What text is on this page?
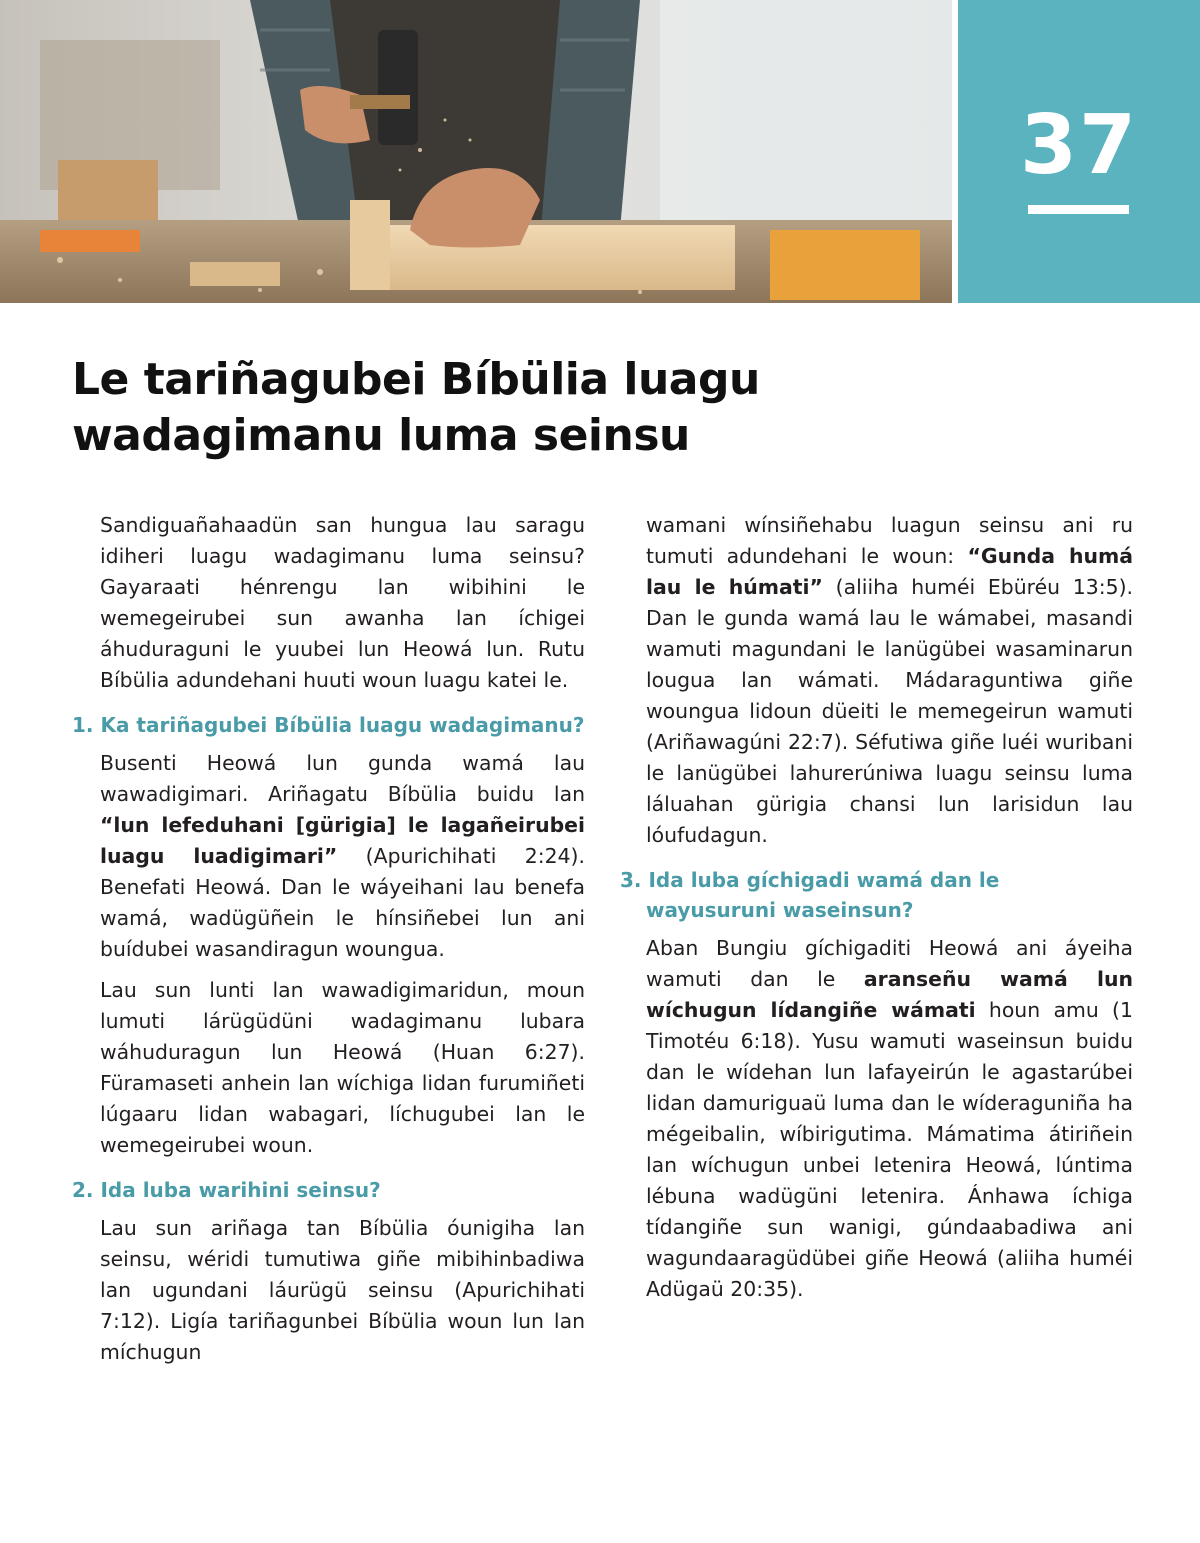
37
Le tariñagubei Bíbülia luagu wadagimanu luma seinsu

Sandiguañahaadün san hungua lau saragu idiheri luagu wadagimanu luma seinsu? Gayaraati hénrengu lan wibihini le wemegeirubei sun awanha lan íchigei áhuduraguni le yuubei lun Heowá lun. Rutu Bíbülia adundehani huuti woun luagu katei le.

1. Ka tariñagubei Bíbülia luagu wadagimanu?

Busenti Heowá lun gunda wamá lau wawadigimari. Ariñagatu Bíbülia buidu lan “lun lefeduhani [gürigia] le lagañeirubei luagu luadigimari” (Apurichihati 2:24). Benefati Heowá. Dan le wáyeihani lau benefa wamá, wadügüñein le hínsiñebei lun ani buídubei wasandiragun woungua.

Lau sun lunti lan wawadigimaridun, moun lumuti lárügüdüni wadagimanu lubara wáhuduragun lun Heowá (Huan 6:27). Füramaseti anhein lan wíchiga lidan furumiñeti lúgaaru lidan wabagari, líchugubei lan le wemegeirubei woun.

2. Ida luba warihini seinsu?

Lau sun ariñaga tan Bíbülia óunigiha lan seinsu, wéridi tumutiwa giñe mibihinbadiwa lan ugundani láurügü seinsu (Apurichihati 7:12). Ligía tariñagunbei Bíbülia woun lun lan míchugun

wamani wínsiñehabu luagun seinsu ani ru tumuti adundehani le woun: “Gunda humá lau le húmati” (aliiha huméi Ebüréu 13:5). Dan le gunda wamá lau le wámabei, masandi wamuti magundani le lanügübei wasaminarun lougua lan wámati. Mádaraguntiwa giñe woungua lidoun düeiti le memegeirun wamuti (Ariñawagúni 22:7). Séfutiwa giñe luéi wuribani le lanügübei lahurerúniwa luagu seinsu luma láluahan gürigia chansi lun larisidun lau lóufudagun.

3. Ida luba gíchigadi wamá dan le wayusuruni waseinsun?

Aban Bungiu gíchigaditi Heowá ani áyeiha wamuti dan le aranseñu wamá lun wíchugun lídangiñe wámati houn amu (1 Timotéu 6:18). Yusu wamuti waseinsun buidu dan le wídehan lun lafayeirún le agastarúbei lidan damuriguaü luma dan le wíderaguniña ha mégeibalin, wíbirigutima. Mámatima átiriñein lan wíchugun unbei letenira Heowá, lúntima lébuna wadügüni letenira. Ánhawa íchiga tídangiñe sun wanigi, gúndaabadiwa ani wagundaaragüdübei giñe Heowá (aliiha huméi Adügaü 20:35).
